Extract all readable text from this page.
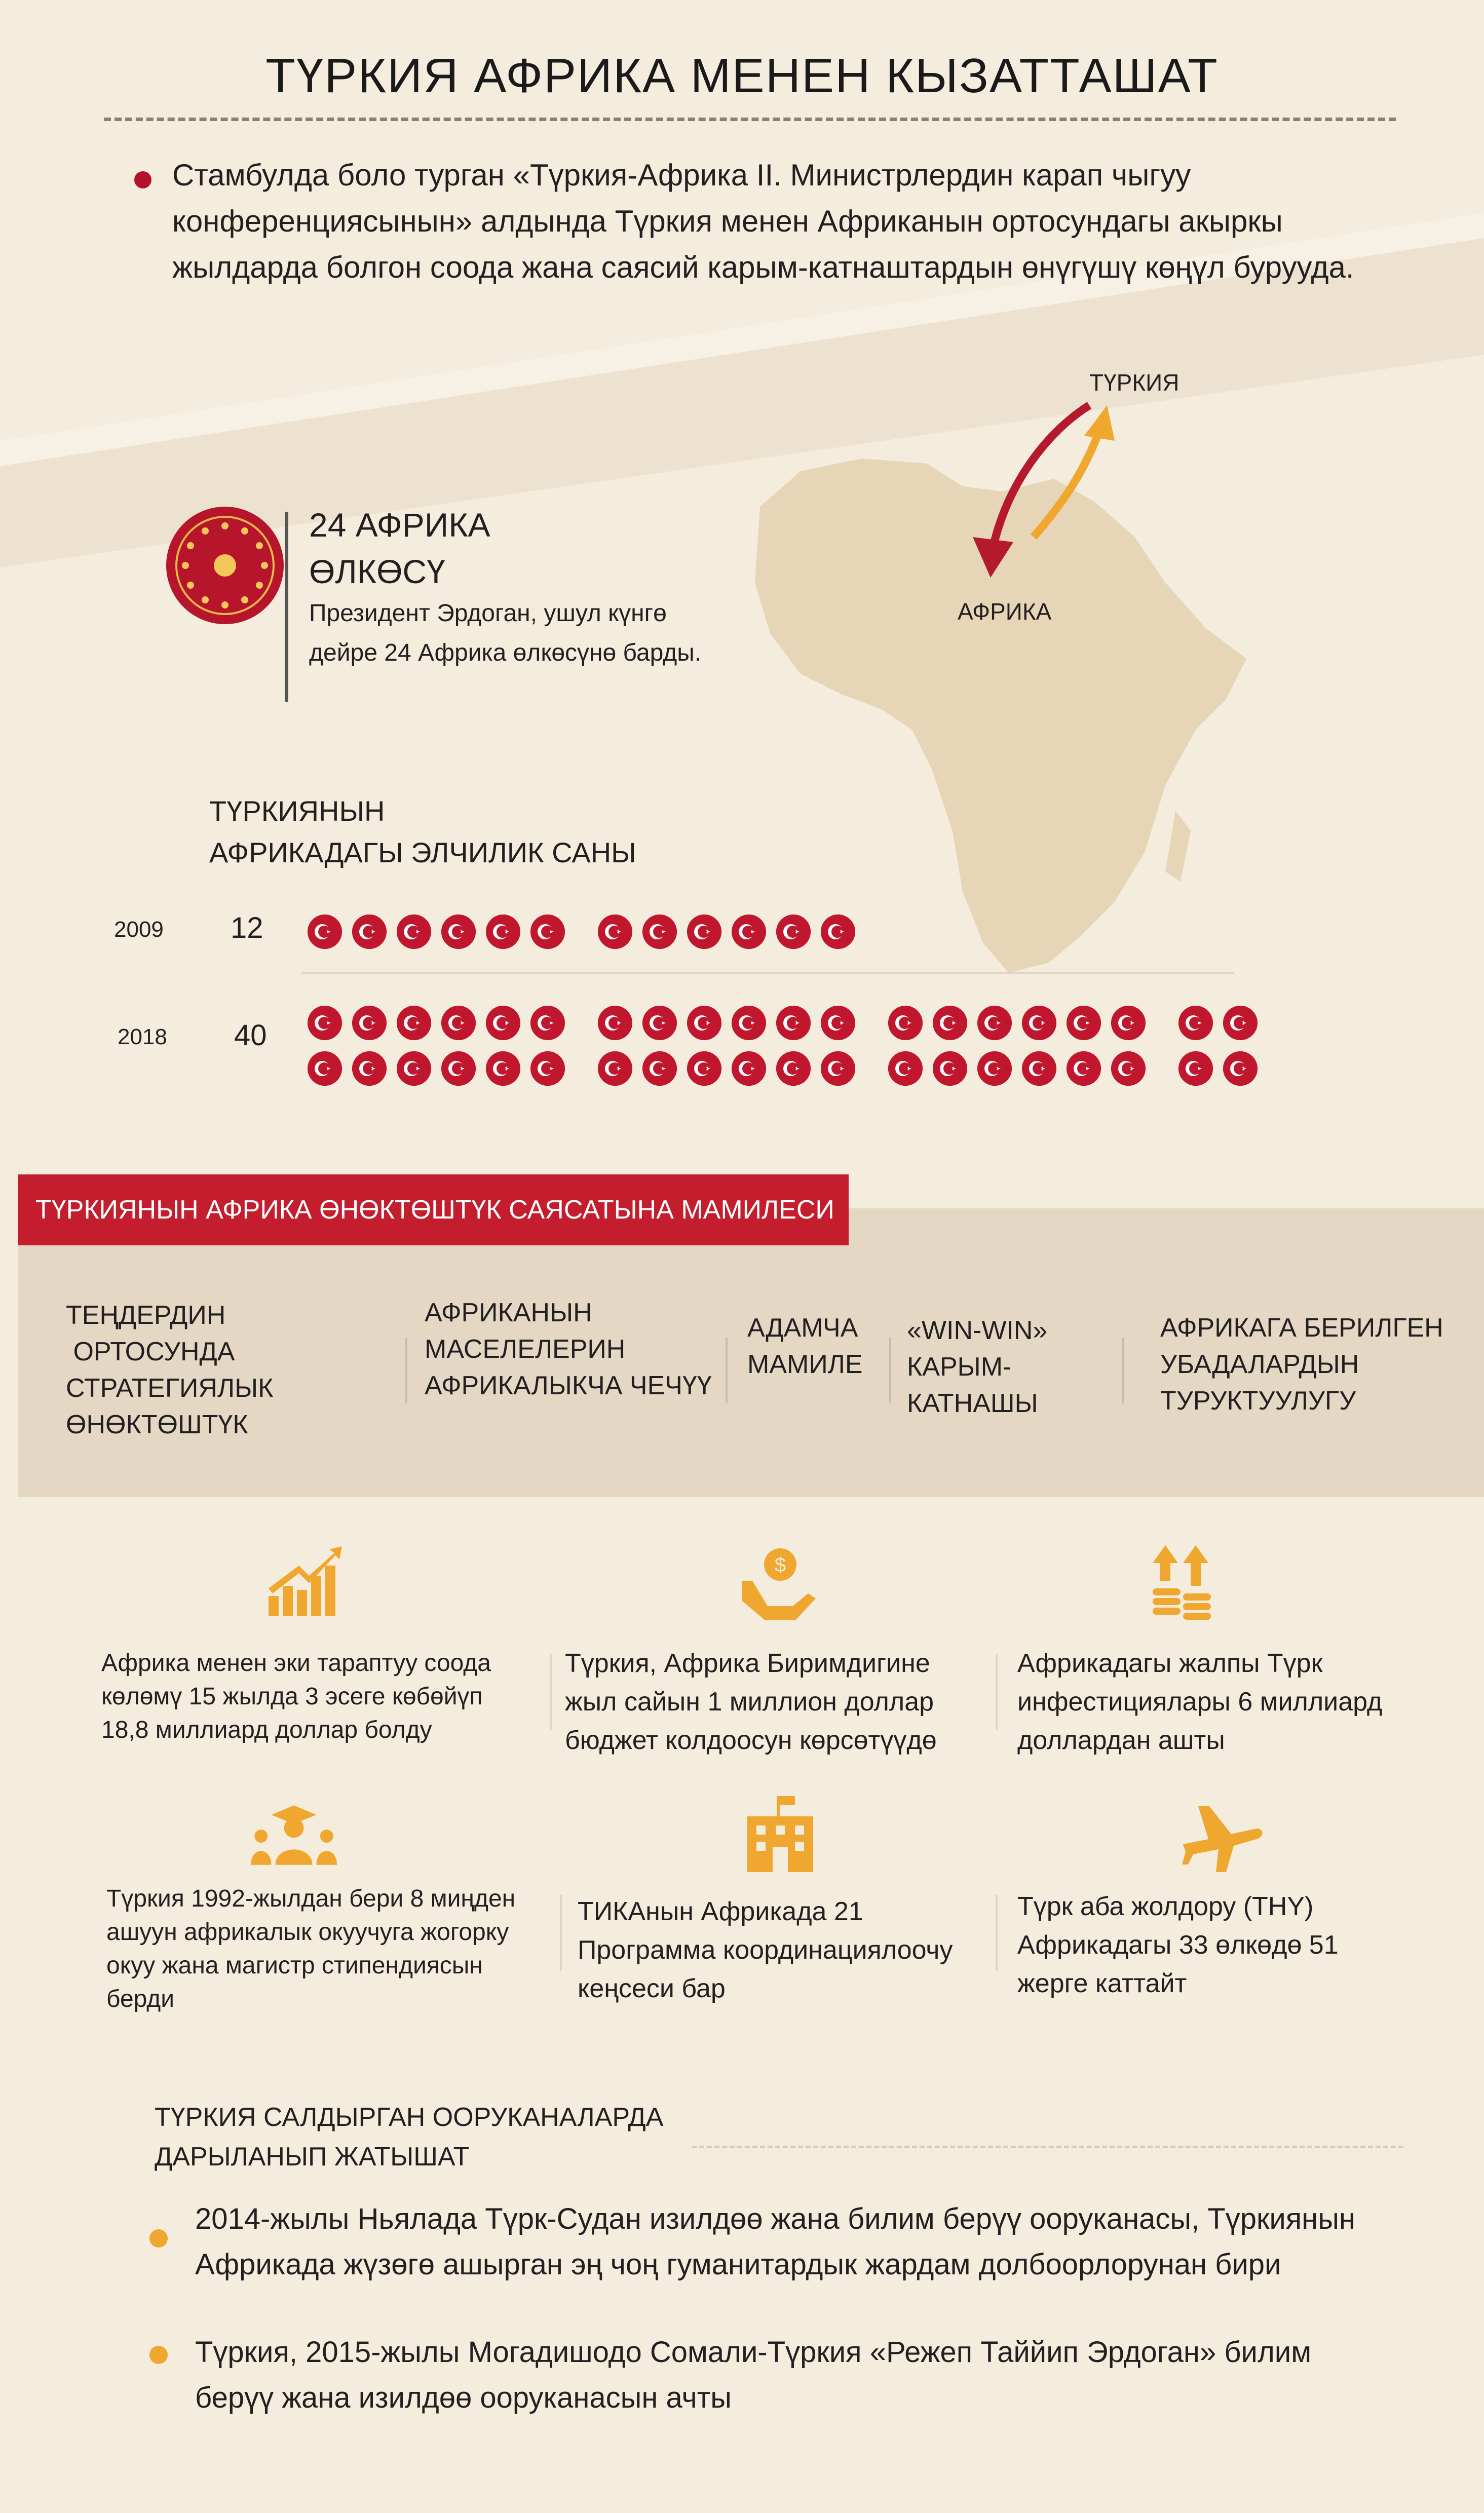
ТҮРКИЯ АФРИКА МЕНЕН КЫЗАТТАШАТ
Стамбулда боло турган «Түркия-Африка II. Министрлердин карап чыгуу конференциясынын» алдында Түркия менен Африканын ортосундагы акыркы жылдарда болгон соода жана саясий карым-катнаштардын өнүгүшү көңүл буруудa.
ТҮРКИЯ
АФРИКА
24 АФРИКА
ӨЛКӨСҮ
Президент Эрдоган, ушул күнгө
дейре 24 Африка өлкөсүнө барды.
ТҮРКИЯНЫН
АФРИКАДАГЫ ЭЛЧИЛИК САНЫ
2009 12
2018 40
ТҮРКИЯНЫН АФРИКА ӨНӨКТӨШТҮК САЯСАТЫНА МАМИЛЕСИ
ТЕҢДЕРДИН
ОРТОСУНДА
СТРАТЕГИЯЛЫК
ӨНӨКТӨШТҮК
АФРИКАНЫН
МАСЕЛЕЛЕРИН
АФРИКАЛЫКЧА ЧЕЧҮҮ
АДАМЧА
МАМИЛЕ
«WIN-WIN»
КАРЫМ-
КАТНАШЫ
АФРИКАГА БЕРИЛГЕН
УБАДАЛАРДЫН
ТУРУКТУУЛУГУ
$
Африка менен эки тараптуу соода
көлөмү 15 жылда 3 эсеге көбөйүп
18,8 миллиард доллар болду
Түркия, Африка Биримдигине
жыл сайын 1 миллион доллар
бюджет колдоосун көрсөтүүдө
Африкадагы жалпы Түрк
инфестициялары 6 миллиард
доллардан ашты
Түркия 1992-жылдан бери 8 миңден
ашуун африкалык окуучуга жогорку
окуу жана магистр стипендиясын
берди
ТИКАнын Африкада 21
Программа координациялоочу
кеңсеси бар
Түрк аба жолдору (THY)
Африкадагы 33 өлкөдө 51
жерге каттайт
ТҮРКИЯ САЛДЫРГАН ООРУКАНАЛАРДА
ДАРЫЛАНЫП ЖАТЫШАТ
2014-жылы Ньялада Түрк-Судан изилдөө жана билим берүү ооруканасы, Түркиянын
Африкада жүзөгө ашырган эң чоң гуманитардык жардам долбоорлорунан бири
Түркия, 2015-жылы Могадишодо Сомали-Түркия «Режеп Таййип Эрдоган» билим
берүү жана изилдөө ооруканасын ачты
